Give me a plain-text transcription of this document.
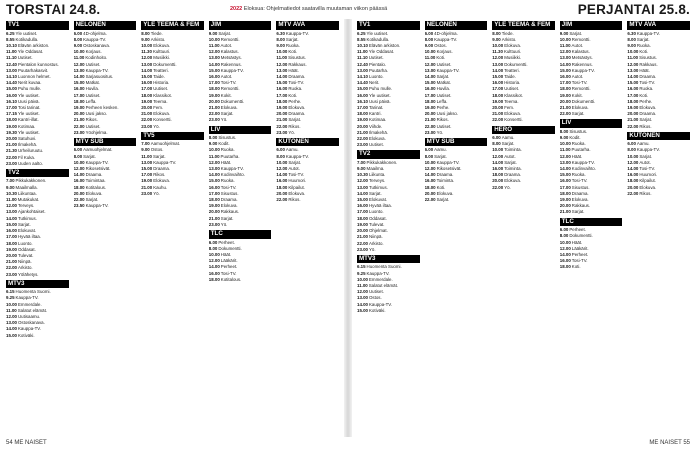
TORSTAI 24.8.	2022 Eloksua: Ohjelmatiedot saatavilla muutaman viikon päässä	PERJANTAI 25.8.
TV1
6.25Yle uutiset.
8.55Kotikadulla.
10.10Elävän arkiston.
11.00Yle Oddasat.
11.10Uutiset.
12.40Pientalon kunnostus.
13.00Puutarhakasvit.
14.10Luonnon helmet.
14.40Nerit kuvaa.
15.00Puhu mulle.
16.00Yle uutiset.
16.10Uusi päivä.
17.00Tosi tarinat.
17.15Yle uutiset.
18.00Kantri-illat.
19.00Kotimaa.
19.30Yle uutiset.
20.00Satuhuvi.
21.00Ilmakehä.
21.30Urheiluruutu.
22.00Fil Kuka.
23.00Uuden aalto.
TV2
7.00Pikkukakkonen.
9.00Maailmalla.
10.30Liikuntaa.
11.00Mutakukat.
12.00Terveys.
13.00Ajankohtaiset.
14.00Tutkimus.
15.00Sarjat.
16.00Elokuvat.
17.00Hyvää iltaa.
18.00Luonto.
19.00Oddasat.
20.00Tulevat.
21.00Niinpä.
22.00Arkisto.
23.00Yölähetys.
MTV3
6.15Huomenta Suomi.
9.25Kauppa-TV.
10.00Emmerdale.
11.00Salatut elämät.
12.00Uutisaamu.
13.00Ostoskanava.
14.00Kauppa-TV.
15.00Kotiväki.
NELONEN
6.004D-ohjelma.
8.00Kauppa-TV.
9.00Ostoskanava.
10.00Korjaus.
11.00Kodinhoito.
12.00Uutiset.
13.00Kauppa-TV.
14.00Sarjasuositus.
15.00Matkat.
16.00Huvila.
17.00Uutiset.
18.00Leffa.
19.00Perheen kesken.
20.00Uusi jakso.
21.00Rikos.
22.00Uutiset.
23.00Yöohjelma.
MTV SUB
6.00Aamuohjelmat.
8.00Sarjat.
10.00Kauppa-TV.
12.00Rikosetsivät.
14.00Draama.
16.00Toimintaa.
18.00Kotitalous.
20.00Elokuva.
22.00Sarjat.
23.50Kauppa-TV.
YLE TEEMA & FEM
8.00Tiede.
9.00Arkisto.
10.00Elokuva.
11.30Kulttuuri.
12.00Musiikki.
13.00Dokumentti.
14.00Teatteri.
15.00Taide.
16.00Historia.
17.00Uutiset.
18.00Klassikot.
19.00Teema.
20.00Fem.
21.00Elokuva.
22.00Konsertti.
23.00Yö.
TV5
7.00Aamuohjelmat.
9.00Ostos.
11.00Sarjat.
13.00Kauppa-TV.
15.00Draama.
17.00Rikos.
19.00Elokuva.
21.00Kauhu.
23.00Yö.
JIM
9.00Sarjat.
10.00Remontti.
11.00Autot.
12.00Kalastus.
13.00Metsästys.
14.00Rakennus.
15.00Kauppa-TV.
16.00Autot.
17.00Tosi-TV.
18.00Remontti.
19.00Kokit.
20.00Dokumentti.
21.00Elokuva.
22.00Sarjat.
23.00Yö.
LIV
8.00Sisustus.
9.00Kodit.
10.00Ruoka.
11.00Puutarha.
12.00Häät.
13.00Kauppa-TV.
14.00Kodinvaihto.
15.00Ruoka.
16.00Tosi-TV.
17.00Sisustus.
18.00Draama.
19.00Elokuva.
20.00Rakkaus.
21.00Sarjat.
23.00Yö.
TLC
6.00Perheet.
8.00Dokumentti.
10.00Häät.
12.00Lääkärit.
14.00Perheet.
16.00Tosi-TV.
18.00Kotitalous.
MTV AVA
6.30Kauppa-TV.
8.00Sarjat.
9.00Ruoka.
10.00Koti.
11.00Sisustus.
12.00Rakkaus.
13.00Häät.
14.00Draama.
15.00Tosi-TV.
16.00Ruoka.
17.00Koti.
18.00Perhe.
19.00Elokuva.
20.00Draama.
21.00Sarjat.
22.00Rikos.
23.00Yö.
KUTONEN
6.00Aamu.
8.00Kauppa-TV.
10.00Sarjat.
12.00Autot.
14.00Tosi-TV.
16.00Huumori.
18.00Kilpailut.
20.00Elokuva.
22.00Rikos.
TV1
6.25Yle uutiset.
8.55Kotikadulla.
10.10Elävän arkiston.
11.00Yle Oddasat.
11.10Uutiset.
12.40Pientalo.
13.00Puutarha.
14.10Luonto.
14.40Nerit.
15.00Puhu mulle.
16.00Yle uutiset.
16.10Uusi päivä.
17.00Tarinat.
18.00Kantri.
19.00Kotimaa.
20.00Viihde.
21.00Ilmakehä.
22.00Elokuva.
23.00Uutiset.
TV2
7.00Pikkukakkonen.
9.00Maailma.
10.30Liikunta.
12.00Terveys.
13.00Tutkimus.
14.00Sarjat.
15.00Elokuvat.
16.00Hyvää iltaa.
17.00Luonto.
18.00Oddasat.
19.00Tulevat.
20.00Ohjelmat.
21.00Niinpä.
22.00Arkisto.
23.00Yö.
MTV3
6.15Huomenta Suomi.
9.25Kauppa-TV.
10.00Emmerdale.
11.00Salatut elämät.
12.00Uutiset.
13.00Ostos.
14.00Kauppa-TV.
15.00Kotiväki.
NELONEN
6.004D-ohjelma.
8.00Kauppa-TV.
9.00Ostos.
10.00Korjaus.
11.00Koti.
12.00Uutiset.
13.00Kauppa-TV.
14.00Sarjat.
15.00Matkat.
16.00Huvila.
17.00Uutiset.
18.00Leffa.
19.00Perhe.
20.00Uusi jakso.
21.00Rikos.
22.00Uutiset.
23.00Yö.
MTV SUB
6.00Aamu.
8.00Sarjat.
10.00Kauppa-TV.
12.00Rikosetsivät.
14.00Draama.
16.00Toiminta.
18.00Koti.
20.00Elokuva.
22.00Sarjat.
YLE TEEMA & FEM
8.00Tiede.
9.00Arkisto.
10.00Elokuva.
11.30Kulttuuri.
12.00Musiikki.
13.00Dokumentti.
14.00Teatteri.
15.00Taide.
16.00Historia.
17.00Uutiset.
18.00Klassikot.
19.00Teema.
20.00Fem.
21.00Elokuva.
22.00Konsertti.
HERO
6.00Aamu.
8.00Sarjat.
10.00Toiminta.
12.00Autot.
14.00Sarjat.
16.00Toiminta.
18.00Draama.
20.00Elokuva.
22.00Yö.
JIM
9.00Sarjat.
10.00Remontti.
11.00Autot.
12.00Kalastus.
13.00Metsästys.
14.00Rakennus.
15.00Kauppa-TV.
16.00Autot.
17.00Tosi-TV.
18.00Remontti.
19.00Kokit.
20.00Dokumentti.
21.00Elokuva.
22.00Sarjat.
LIV
8.00Sisustus.
9.00Kodit.
10.00Ruoka.
11.00Puutarha.
12.00Häät.
13.00Kauppa-TV.
14.00Kodinvaihto.
15.00Ruoka.
16.00Tosi-TV.
17.00Sisustus.
18.00Draama.
19.00Elokuva.
20.00Rakkaus.
21.00Sarjat.
TLC
6.00Perheet.
8.00Dokumentti.
10.00Häät.
12.00Lääkärit.
14.00Perheet.
16.00Tosi-TV.
18.00Koti.
MTV AVA
6.30Kauppa-TV.
8.00Sarjat.
9.00Ruoka.
10.00Koti.
11.00Sisustus.
12.00Rakkaus.
13.00Häät.
14.00Draama.
15.00Tosi-TV.
16.00Ruoka.
17.00Koti.
18.00Perhe.
19.00Elokuva.
20.00Draama.
21.00Sarjat.
22.00Rikos.
KUTONEN
6.00Aamu.
8.00Kauppa-TV.
10.00Sarjat.
12.00Autot.
14.00Tosi-TV.
16.00Huumori.
18.00Kilpailut.
20.00Elokuva.
22.00Rikos.
54 ME NAISET	ME NAISET 55
